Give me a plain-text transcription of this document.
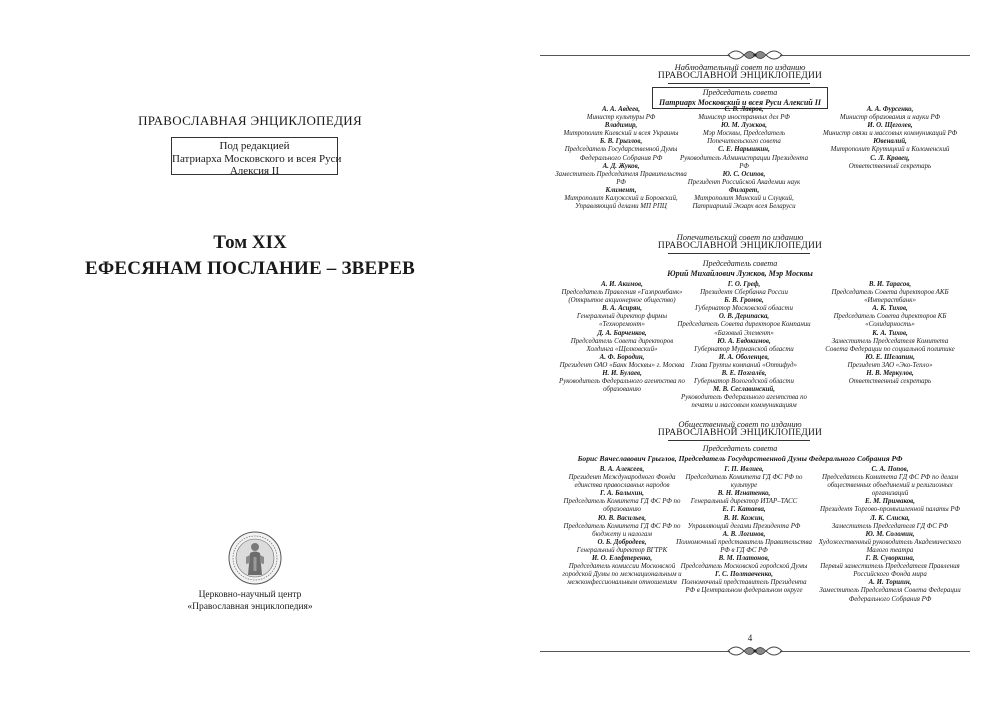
ПРАВОСЛАВНАЯ ЭНЦИКЛОПЕДИЯ
Под редакцией
Патриарха Московского и всея Руси
Алексия II
Том XIX
ЕФЕСЯНАМ ПОСЛАНИЕ – ЗВЕРЕВ
Церковно-научный центр
«Православная энциклопедия»
Наблюдательный совет по изданию
ПРАВОСЛАВНОЙ ЭНЦИКЛОПЕДИИ
Председатель совета
Патриарх Московский и всея Руси Алексий II
А. А. Авдеев,
Министр культуры РФ
Владимир,
Митрополит Киевский и всея Украины
Б. В. Грызлов,
Председатель Государственной Думы Федерального Собрания РФ
А. Д. Жуков,
Заместитель Председателя Правительства РФ
Климент,
Митрополит Калужский и Боровский, Управляющий делами МП РПЦ
С. В. Лавров,
Министр иностранных дел РФ
Ю. М. Лужков,
Мэр Москвы, Председатель Попечительского совета
С. Е. Нарышкин,
Руководитель Администрации Президента РФ
Ю. С. Осипов,
Президент Российской Академии наук
Филарет,
Митрополит Минский и Слуцкий, Патриарший Экзарх всея Беларуси
А. А. Фурсенко,
Министр образования и науки РФ
И. О. Щеголев,
Министр связи и массовых коммуникаций РФ
Ювеналий,
Митрополит Крутицкий и Коломенский
С. Л. Кравец,
Ответственный секретарь
Попечительский совет по изданию
ПРАВОСЛАВНОЙ ЭНЦИКЛОПЕДИИ
Председатель совета
Юрий Михайлович Лужков, Мэр Москвы
А. И. Акимов,
Председатель Правления «Газпромбанк» (Открытое акционерное общество)
В. А. Асирян,
Генеральный директор фирмы «Техноремонт»
Д. А. Барченков,
Председатель Совета директоров Холдинга «Щелковский»
А. Ф. Бородин,
Президент ОАО «Банк Москвы» г. Москва
Н. И. Булаев,
Руководитель Федерального агентства по образованию
Г. О. Греф,
Президент Сбербанка России
Б. В. Громов,
Губернатор Московской области
О. В. Дерипаска,
Председатель Совета директоров Компании «Базовый Элемент»
Ю. А. Евдокимов,
Губернатор Мурманской области
И. А. Оболенцев,
Глава Группы компаний «Оптифуд»
В. Е. Позгалёв,
Губернатор Вологодской области
М. В. Сеславинский,
Руководитель Федерального агентства по печати и массовым коммуникациям
В. И. Тарасов,
Председатель Совета директоров АКБ «Интерастбанк»
А. К. Тихов,
Председатель Совета директоров КБ «Солидарность»
К. А. Тихов,
Заместитель Председателя Комитета Совета Федерации по социальной политике
Ю. Е. Шелапин,
Президент ЗАО «Эко-Тепло»
Н. В. Меркулов,
Ответственный секретарь
Общественный совет по изданию
ПРАВОСЛАВНОЙ ЭНЦИКЛОПЕДИИ
Председатель совета
Борис Вячеславович Грызлов, Председатель Государственной Думы Федерального Собрания РФ
В. А. Алексеев,
Президент Международного Фонда единства православных народов
Г. А. Балыхин,
Председатель Комитета ГД ФС РФ по образованию
Ю. В. Васильев,
Председатель Комитета ГД ФС РФ по бюджету и налогам
О. Б. Добродеев,
Генеральный директор ВГТРК
И. О. Елефтеренко,
Председатель комиссии Московской городской Думы по межнациональным и межконфессиональным отношениям
Г. П. Ивлиев,
Председатель Комитета ГД ФС РФ по культуре
В. Н. Игнатенко,
Генеральный директор ИТАР–ТАСС
Е. Г. Катаева,
В. И. Кожин,
Управляющий делами Президента РФ
А. В. Логинов,
Полномочный представитель Правительства РФ в ГД ФС РФ
В. М. Платонов,
Председатель Московской городской Думы
Г. С. Полтавченко,
Полномочный представитель Президента РФ в Центральном федеральном округе
С. А. Попов,
Председатель Комитета ГД ФС РФ по делам общественных объединений и религиозных организаций
Е. М. Примаков,
Президент Торгово-промышленной палаты РФ
Л. К. Слиска,
Заместитель Председателя ГД ФС РФ
Ю. М. Соломин,
Художественный руководитель Академического Малого театра
Г. В. Суворкина,
Первый заместитель Председателя Правления Российского Фонда мира
А. И. Торшин,
Заместитель Председателя Совета Федерации Федерального Собрания РФ
4
